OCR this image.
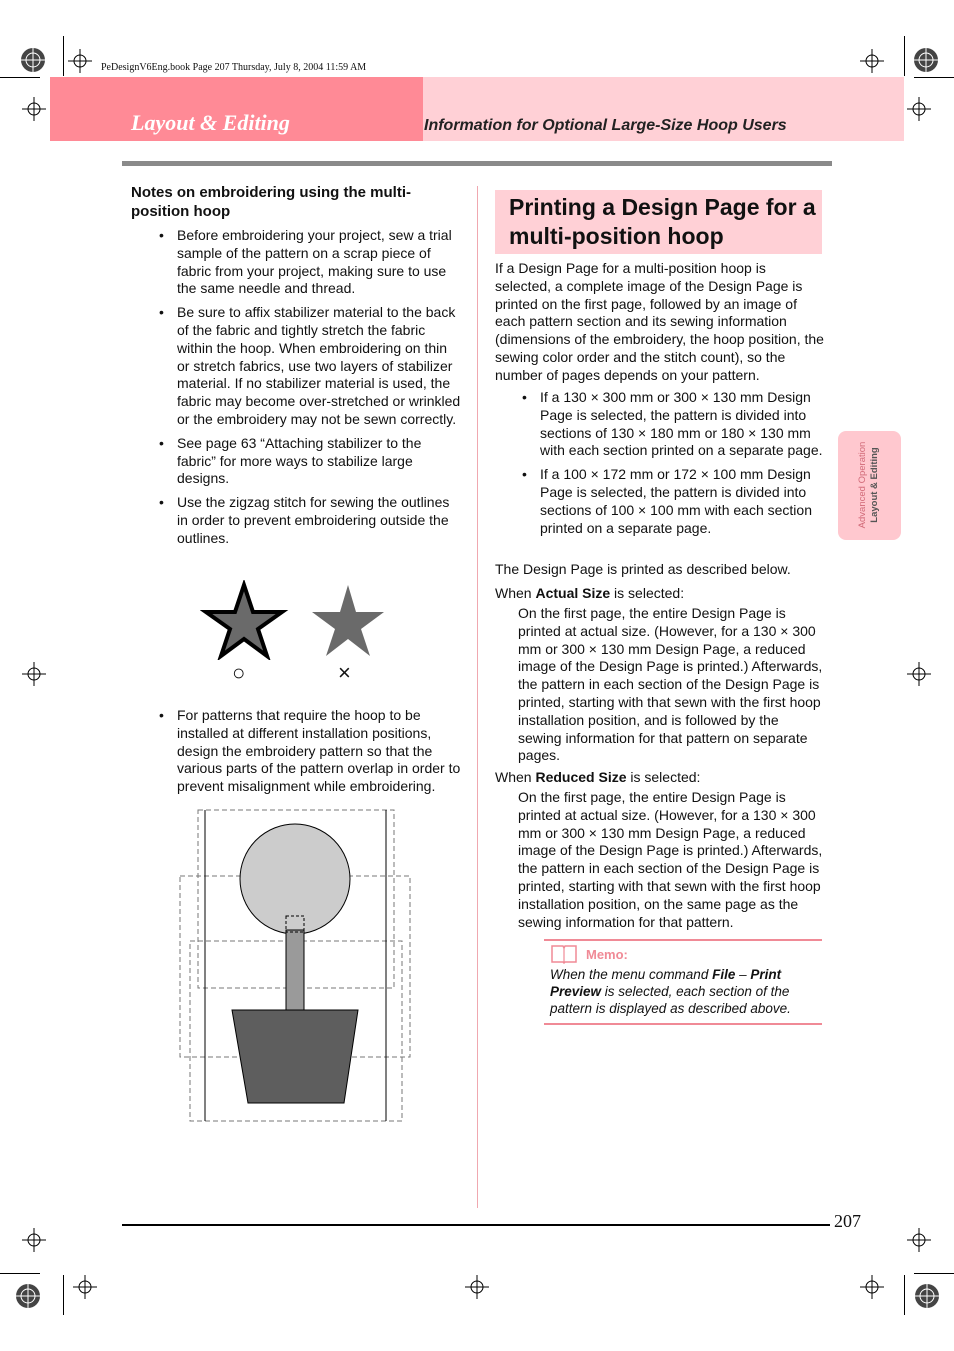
PeDesignV6Eng.book Page 207 Thursday, July 8, 2004 11:59 AM
Layout & Editing	Information for Optional Large-Size Hoop Users
Notes on embroidering using the multi-position hoop
• Before embroidering your project, sew a trial sample of the pattern on a scrap piece of fabric from your project, making sure to use the same needle and thread.
• Be sure to affix stabilizer material to the back of the fabric and tightly stretch the fabric within the hoop. When embroidering on thin or stretch fabrics, use two layers of stabilizer material. If no stabilizer material is used, the fabric may become over-stretched or wrinkled or the embroidery may not be sewn correctly.
• See page 63 “Attaching stabilizer to the fabric” for more ways to stabilize large designs.
• Use the zigzag stitch for sewing the outlines in order to prevent embroidering outside the outlines.
○	×
• For patterns that require the hoop to be installed at different installation positions, design the embroidery pattern so that the various parts of the pattern overlap in order to prevent misalignment while embroidering.
Printing a Design Page for a multi-position hoop
If a Design Page for a multi-position hoop is selected, a complete image of the Design Page is printed on the first page, followed by an image of each pattern section and its sewing information (dimensions of the embroidery, the hoop position, the sewing color order and the stitch count), so the number of pages depends on your pattern.
• If a 130 × 300 mm or 300 × 130 mm Design Page is selected, the pattern is divided into sections of 130 × 180 mm or 180 × 130 mm with each section printed on a separate page.
• If a 100 × 172 mm or 172 × 100 mm Design Page is selected, the pattern is divided into sections of 100 × 100 mm with each section printed on a separate page.
The Design Page is printed as described below.
When Actual Size is selected:
On the first page, the entire Design Page is printed at actual size. (However, for a 130 × 300 mm or 300 × 130 mm Design Page, a reduced image of the Design Page is printed.) Afterwards, the pattern in each section of the Design Page is printed, starting with that sewn with the first hoop installation position, and is followed by the sewing information for that pattern on separate pages.
When Reduced Size is selected:
On the first page, the entire Design Page is printed at actual size. (However, for a 130 × 300 mm or 300 × 130 mm Design Page, a reduced image of the Design Page is printed.) Afterwards, the pattern in each section of the Design Page is printed, starting with that sewn with the first hoop installation position, on the same page as the sewing information for that pattern.
Memo:
When the menu command File – Print Preview is selected, each section of the pattern is displayed as described above.
Advanced Operation Layout & Editing
207
